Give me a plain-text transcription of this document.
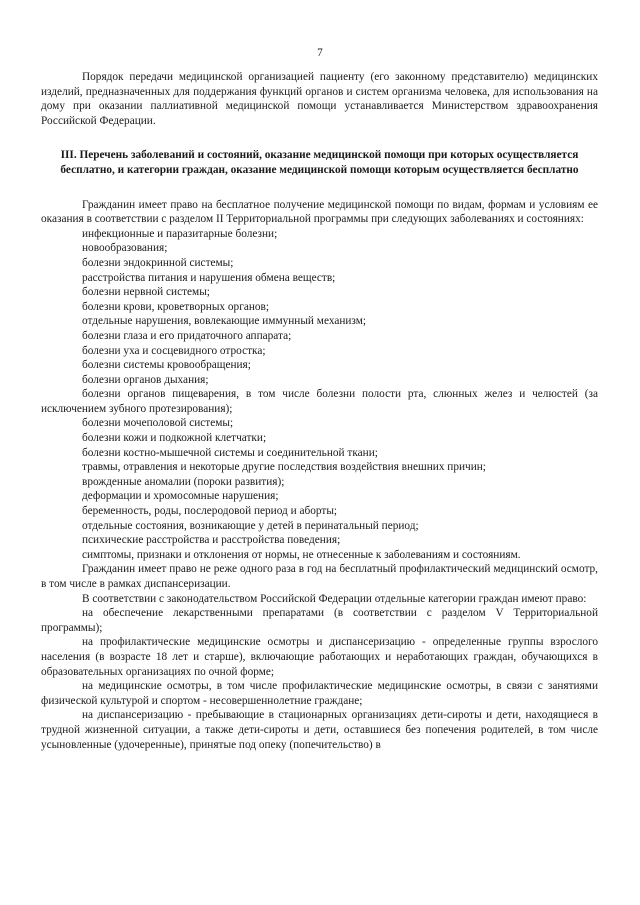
7

Порядок передачи медицинской организацией пациенту (его законному представителю) медицинских изделий, предназначенных для поддержания функций органов и систем организма человека, для использования на дому при оказании паллиативной медицинской помощи устанавливается Министерством здравоохранения Российской Федерации.

III. Перечень заболеваний и состояний, оказание медицинской помощи при которых осуществляется бесплатно, и категории граждан, оказание медицинской помощи которым осуществляется бесплатно

Гражданин имеет право на бесплатное получение медицинской помощи по видам, формам и условиям ее оказания в соответствии с разделом II Территориальной программы при следующих заболеваниях и состояниях:

инфекционные и паразитарные болезни;

новообразования;

болезни эндокринной системы;

расстройства питания и нарушения обмена веществ;

болезни нервной системы;

болезни крови, кроветворных органов;

отдельные нарушения, вовлекающие иммунный механизм;

болезни глаза и его придаточного аппарата;

болезни уха и сосцевидного отростка;

болезни системы кровообращения;

болезни органов дыхания;

болезни органов пищеварения, в том числе болезни полости рта, слюнных желез и челюстей (за исключением зубного протезирования);

болезни мочеполовой системы;

болезни кожи и подкожной клетчатки;

болезни костно-мышечной системы и соединительной ткани;

травмы, отравления и некоторые другие последствия воздействия внешних причин;

врожденные аномалии (пороки развития);

деформации и хромосомные нарушения;

беременность, роды, послеродовой период и аборты;

отдельные состояния, возникающие у детей в перинатальный период;

психические расстройства и расстройства поведения;

симптомы, признаки и отклонения от нормы, не отнесенные к заболеваниям и состояниям.

Гражданин имеет право не реже одного раза в год на бесплатный профилактический медицинский осмотр, в том числе в рамках диспансеризации.

В соответствии с законодательством Российской Федерации отдельные категории граждан имеют право:

на обеспечение лекарственными препаратами (в соответствии с разделом V Территориальной программы);

на профилактические медицинские осмотры и диспансеризацию - определенные группы взрослого населения (в возрасте 18 лет и старше), включающие работающих и неработающих граждан, обучающихся в образовательных организациях по очной форме;

на медицинские осмотры, в том числе профилактические медицинские осмотры, в связи с занятиями физической культурой и спортом - несовершеннолетние граждане;

на диспансеризацию - пребывающие в стационарных организациях дети-сироты и дети, находящиеся в трудной жизненной ситуации, а также дети-сироты и дети, оставшиеся без попечения родителей, в том числе усыновленные (удочеренные), принятые под опеку (попечительство) в
